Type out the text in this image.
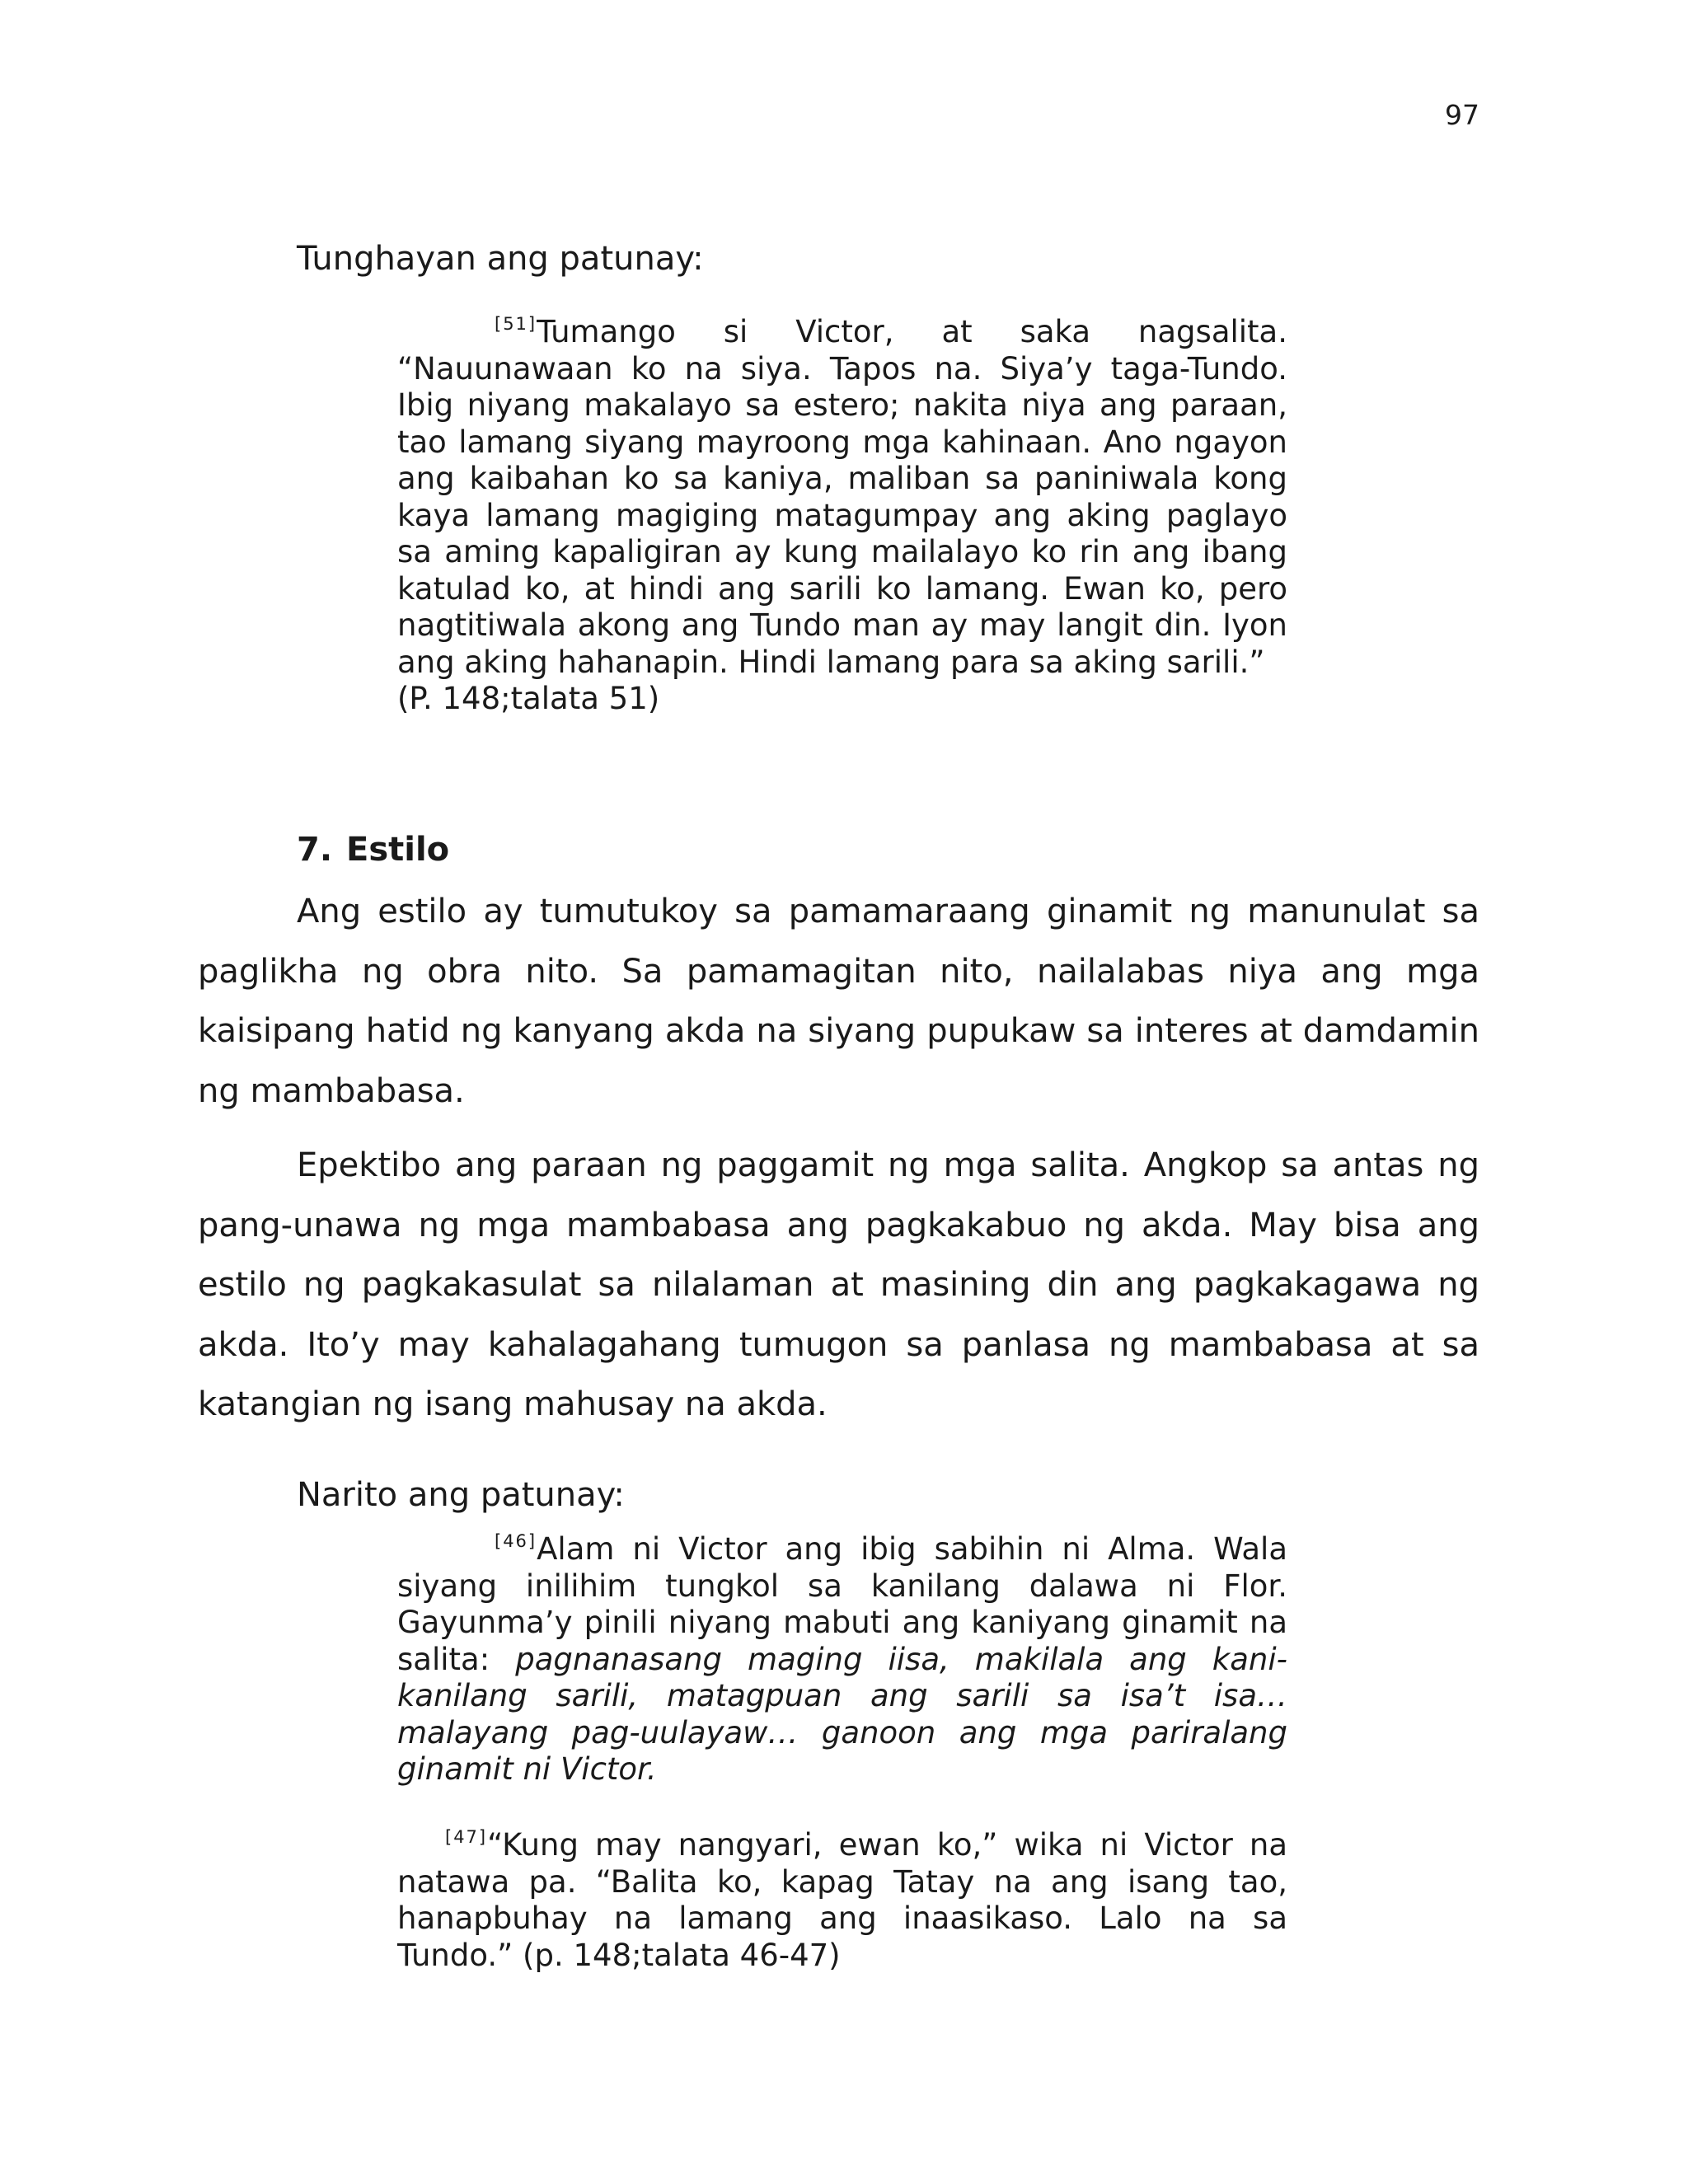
97
Tunghayan ang patunay:
[51]Tumango si Victor, at saka nagsalita. “Nauunawaan ko na siya. Tapos na. Siya’y taga-Tundo. Ibig niyang makalayo sa estero; nakita niya ang paraan, tao lamang siyang mayroong mga kahinaan. Ano ngayon ang kaibahan ko sa kaniya, maliban sa paniniwala kong kaya lamang magiging matagumpay ang aking paglayo sa aming kapaligiran ay kung mailalayo ko rin ang ibang katulad ko, at hindi ang sarili ko lamang. Ewan ko, pero nagtitiwala akong ang Tundo man ay may langit din. Iyon ang aking hahanapin. Hindi lamang para sa aking sarili.”
(P. 148;talata 51)
7. Estilo

Ang estilo ay tumutukoy sa pamamaraang ginamit ng manunulat sa paglikha ng obra nito. Sa pamamagitan nito, nailalabas niya ang mga kaisipang hatid ng kanyang akda na siyang pupukaw sa interes at damdamin ng mambabasa.

Epektibo ang paraan ng paggamit ng mga salita. Angkop sa antas ng pang-unawa ng mga mambabasa ang pagkakabuo ng akda. May bisa ang estilo ng pagkakasulat sa nilalaman at masining din ang pagkakagawa ng akda. Ito’y may kahalagahang tumugon sa panlasa ng mambabasa at sa katangian ng isang mahusay na akda.

Narito ang patunay:
[46]Alam ni Victor ang ibig sabihin ni Alma. Wala siyang inilihim tungkol sa kanilang dalawa ni Flor. Gayunma’y pinili niyang mabuti ang kaniyang ginamit na salita: pagnanasang maging iisa, makilala ang kani-kanilang sarili, matagpuan ang sarili sa isa’t isa… malayang pag-uulayaw… ganoon ang mga pariralang ginamit ni Victor.
[47]“Kung may nangyari, ewan ko,” wika ni Victor na natawa pa. “Balita ko, kapag Tatay na ang isang tao, hanapbuhay na lamang ang inaasikaso. Lalo na sa Tundo.” (p. 148;talata 46-47)
